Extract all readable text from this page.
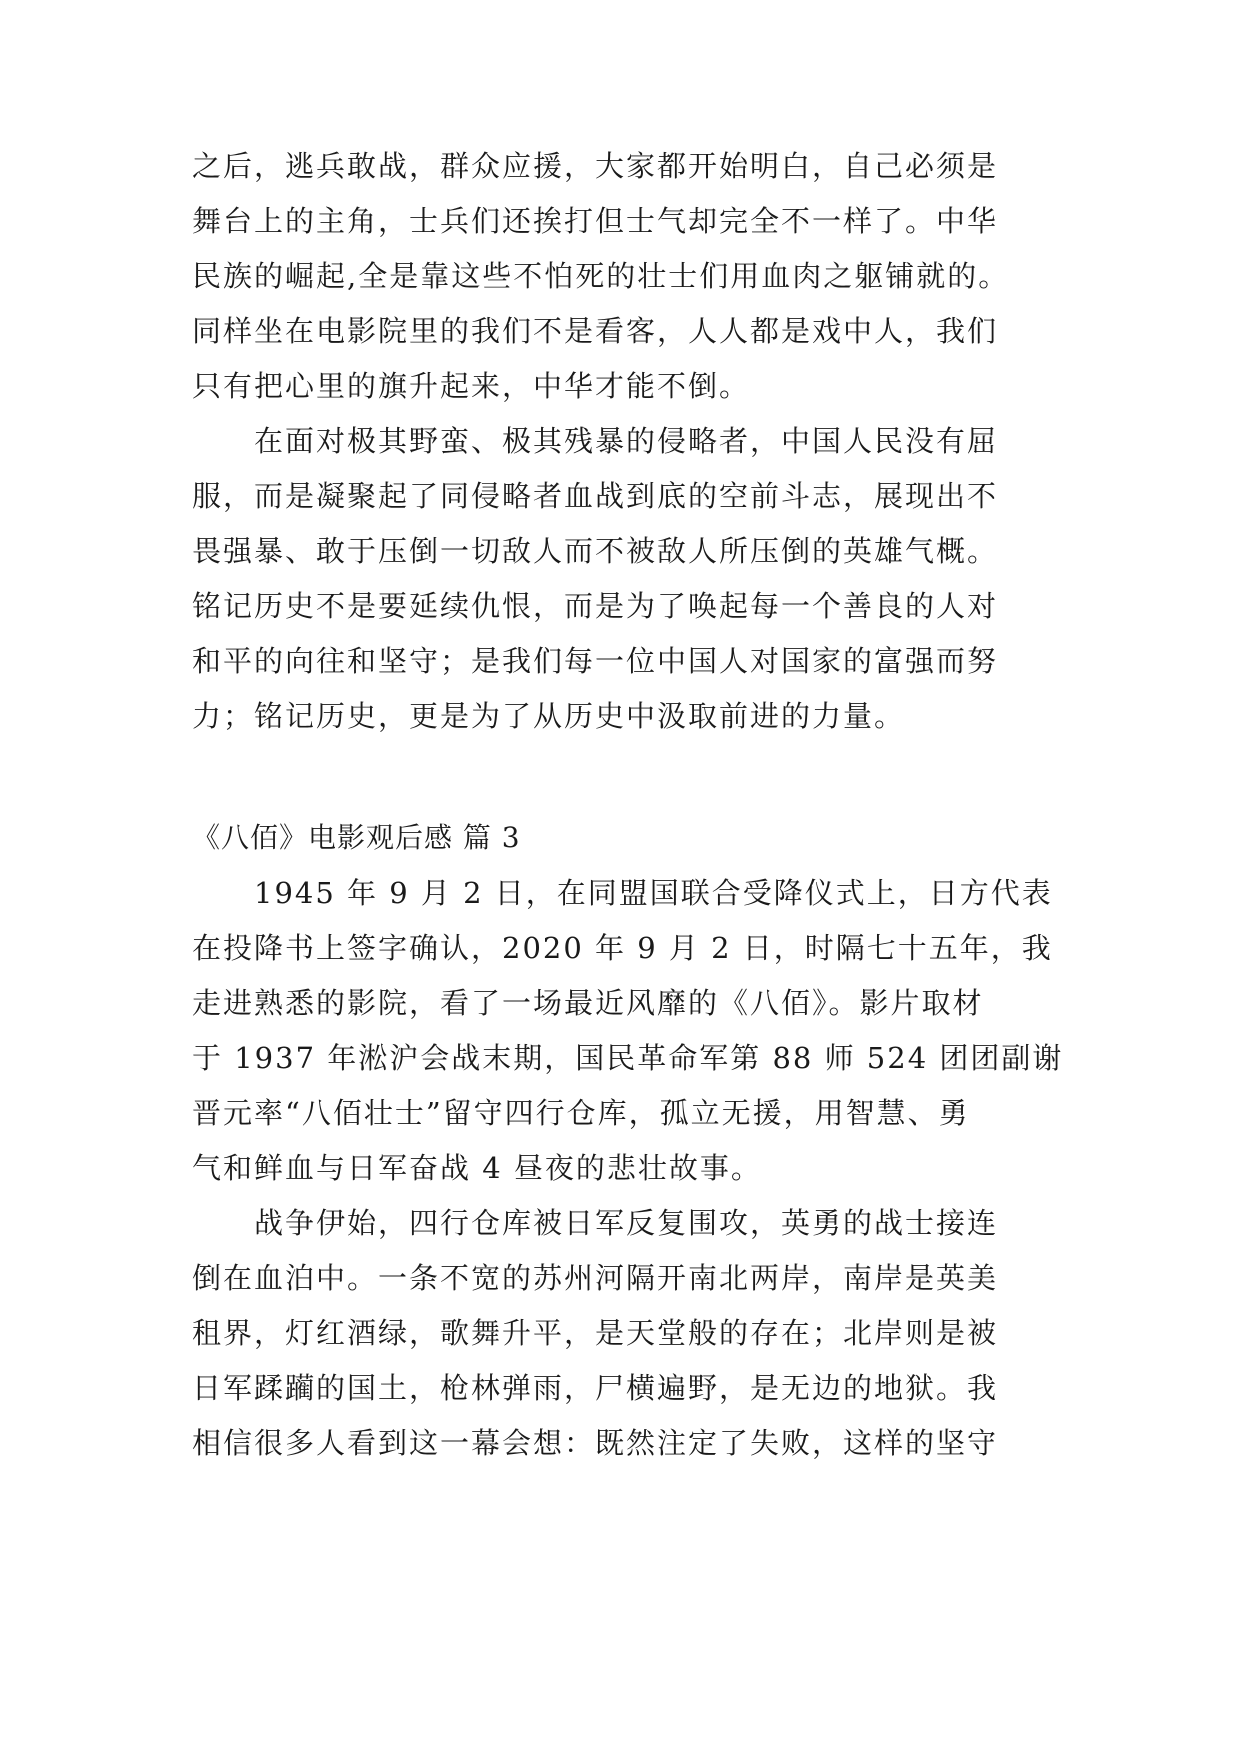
之后，逃兵敢战，群众应援，大家都开始明白，自己必须是
舞台上的主角，士兵们还挨打但士气却完全不一样了。中华
民族的崛起,全是靠这些不怕死的壮士们用血肉之躯铺就的。
同样坐在电影院里的我们不是看客，人人都是戏中人，我们
只有把心里的旗升起来，中华才能不倒。
在面对极其野蛮、极其残暴的侵略者，中国人民没有屈
服，而是凝聚起了同侵略者血战到底的空前斗志，展现出不
畏强暴、敢于压倒一切敌人而不被敌人所压倒的英雄气概。
铭记历史不是要延续仇恨，而是为了唤起每一个善良的人对
和平的向往和坚守；是我们每一位中国人对国家的富强而努
力；铭记历史，更是为了从历史中汲取前进的力量。
《八佰》电影观后感 篇 3
1945 年 9 月 2 日，在同盟国联合受降仪式上，日方代表
在投降书上签字确认，2020 年 9 月 2 日，时隔七十五年，我
走进熟悉的影院，看了一场最近风靡的《八佰》。影片取材
于 1937 年淞沪会战末期，国民革命军第 88 师 524 团团副谢
晋元率“八佰壮士”留守四行仓库，孤立无援，用智慧、勇
气和鲜血与日军奋战 4 昼夜的悲壮故事。
战争伊始，四行仓库被日军反复围攻，英勇的战士接连
倒在血泊中。一条不宽的苏州河隔开南北两岸，南岸是英美
租界，灯红酒绿，歌舞升平，是天堂般的存在；北岸则是被
日军蹂躏的国土，枪林弹雨，尸横遍野，是无边的地狱。我
相信很多人看到这一幕会想：既然注定了失败，这样的坚守
